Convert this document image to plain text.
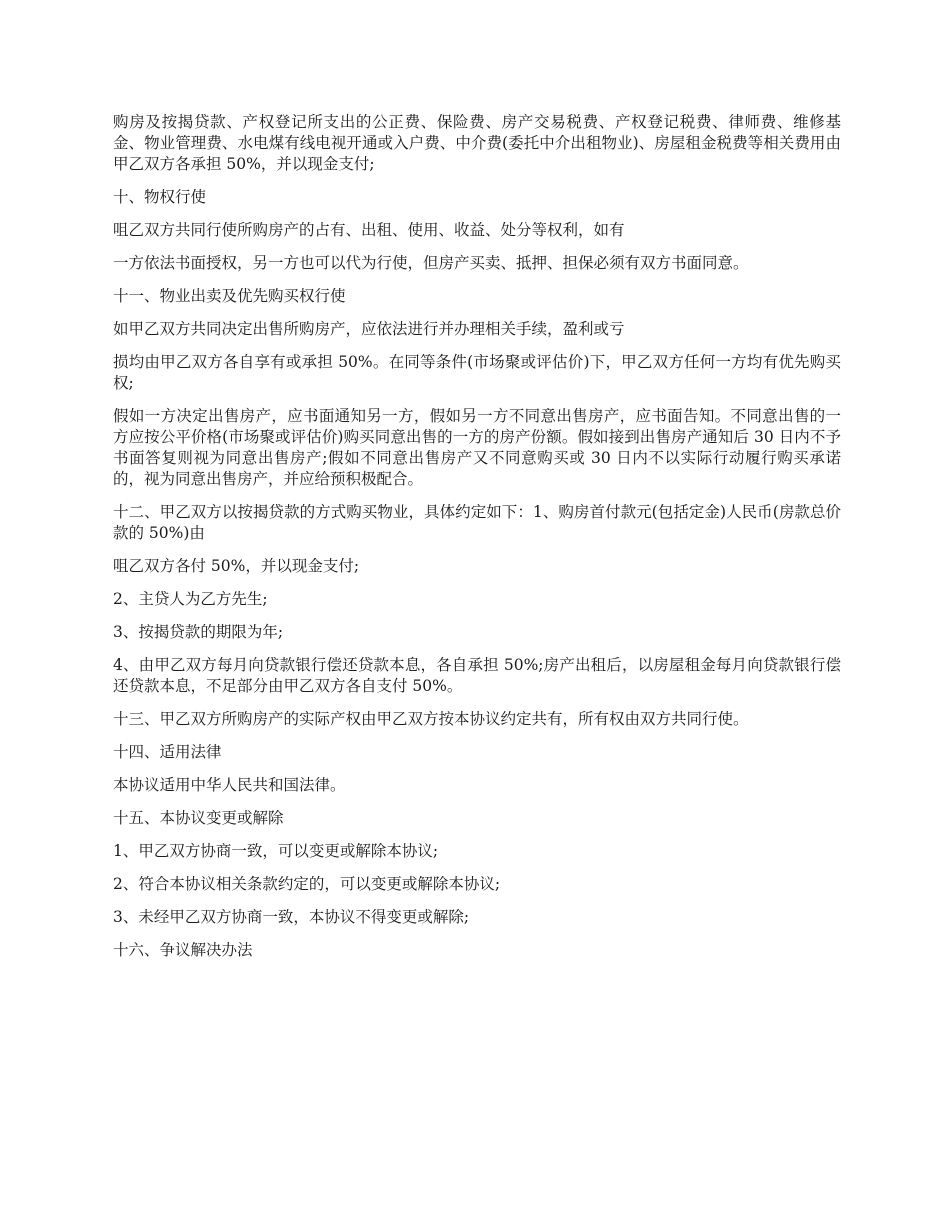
购房及按揭贷款、产权登记所支出的公正费、保险费、房产交易税费、产权登记税费、律师费、维修基金、物业管理费、水电煤有线电视开通或入户费、中介费(委托中介出租物业)、房屋租金税费等相关费用由甲乙双方各承担 50%，并以现金支付;

十、物权行使

咀乙双方共同行使所购房产的占有、出租、使用、收益、处分等权利，如有

一方依法书面授权，另一方也可以代为行使，但房产买卖、抵押、担保必须有双方书面同意。

十一、物业出卖及优先购买权行使

如甲乙双方共同决定出售所购房产，应依法进行并办理相关手续，盈利或亏

损均由甲乙双方各自享有或承担 50%。在同等条件(市场聚或评估价)下，甲乙双方任何一方均有优先购买权;

假如一方决定出售房产，应书面通知另一方，假如另一方不同意出售房产，应书面告知。不同意出售的一方应按公平价格(市场聚或评估价)购买同意出售的一方的房产份额。假如接到出售房产通知后 30 日内不予书面答复则视为同意出售房产;假如不同意出售房产又不同意购买或 30 日内不以实际行动履行购买承诺的，视为同意出售房产，并应给预积极配合。

十二、甲乙双方以按揭贷款的方式购买物业，具体约定如下：1、购房首付款元(包括定金)人民币(房款总价款的 50%)由

咀乙双方各付 50%，并以现金支付;

2、主贷人为乙方先生;

3、按揭贷款的期限为年;

4、由甲乙双方每月向贷款银行偿还贷款本息，各自承担 50%;房产出租后，以房屋租金每月向贷款银行偿还贷款本息，不足部分由甲乙双方各自支付 50%。

十三、甲乙双方所购房产的实际产权由甲乙双方按本协议约定共有，所有权由双方共同行使。

十四、适用法律

本协议适用中华人民共和国法律。

十五、本协议变更或解除

1、甲乙双方协商一致，可以变更或解除本协议;

2、符合本协议相关条款约定的，可以变更或解除本协议;

3、未经甲乙双方协商一致，本协议不得变更或解除;

十六、争议解决办法
